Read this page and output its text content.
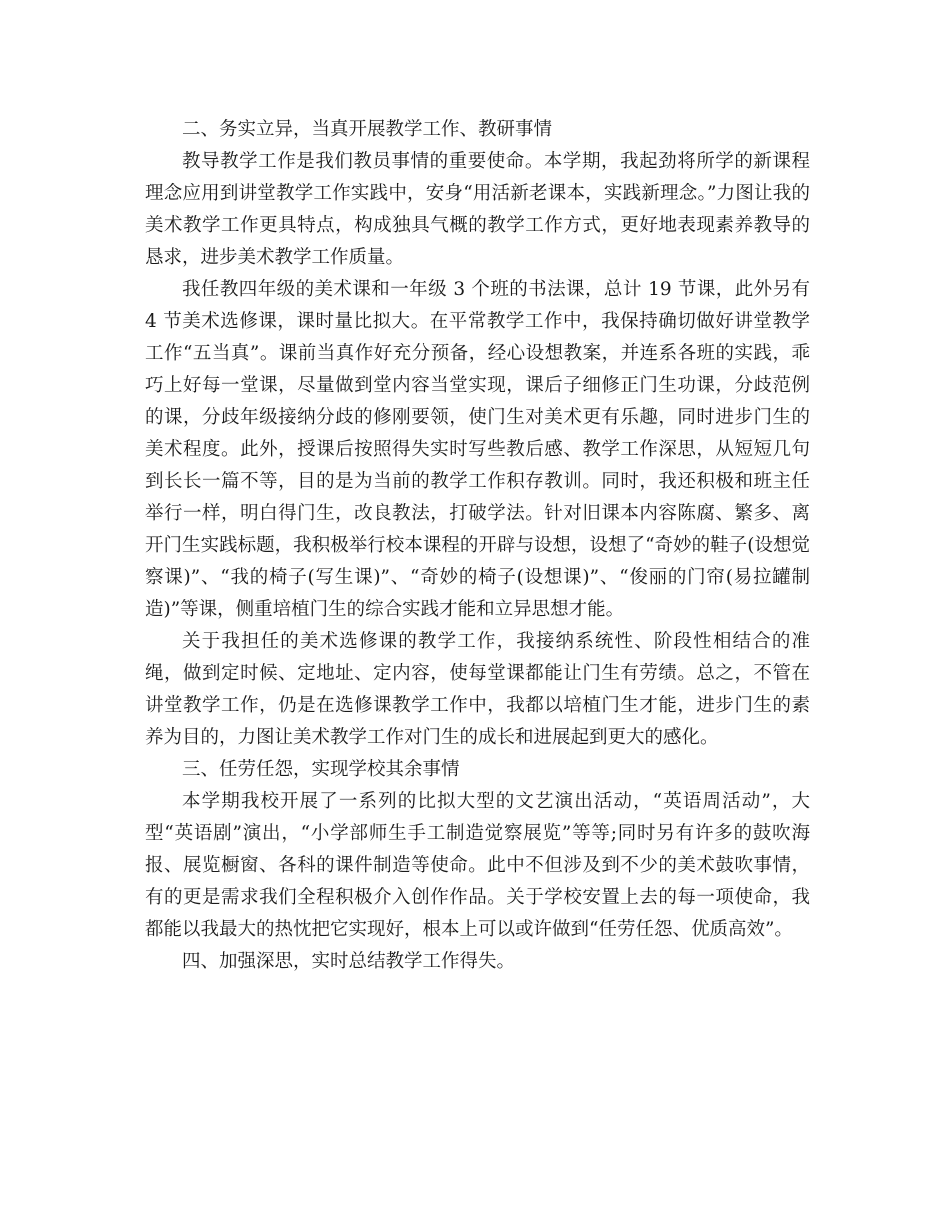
二、务实立异，当真开展教学工作、教研事情

教导教学工作是我们教员事情的重要使命。本学期，我起劲将所学的新课程理念应用到讲堂教学工作实践中，安身“用活新老课本，实践新理念。”力图让我的美术教学工作更具特点，构成独具气概的教学工作方式，更好地表现素养教导的恳求，进步美术教学工作质量。

我任教四年级的美术课和一年级 3 个班的书法课，总计 19 节课，此外另有 4 节美术选修课，课时量比拟大。在平常教学工作中，我保持确切做好讲堂教学工作“五当真”。课前当真作好充分预备，经心设想教案，并连系各班的实践，乖巧上好每一堂课，尽量做到堂内容当堂实现，课后子细修正门生功课，分歧范例的课，分歧年级接纳分歧的修刚要领，使门生对美术更有乐趣，同时进步门生的美术程度。此外，授课后按照得失实时写些教后感、教学工作深思，从短短几句到长长一篇不等，目的是为当前的教学工作积存教训。同时，我还积极和班主任举行一样，明白得门生，改良教法，打破学法。针对旧课本内容陈腐、繁多、离开门生实践标题，我积极举行校本课程的开辟与设想，设想了“奇妙的鞋子(设想觉察课)”、“我的椅子(写生课)”、“奇妙的椅子(设想课)”、“俊丽的门帘(易拉罐制造)”等课，侧重培植门生的综合实践才能和立异思想才能。

关于我担任的美术选修课的教学工作，我接纳系统性、阶段性相结合的准绳，做到定时候、定地址、定内容，使每堂课都能让门生有劳绩。总之，不管在讲堂教学工作，仍是在选修课教学工作中，我都以培植门生才能，进步门生的素养为目的，力图让美术教学工作对门生的成长和进展起到更大的感化。

三、任劳任怨，实现学校其余事情

本学期我校开展了一系列的比拟大型的文艺演出活动，“英语周活动”，大型“英语剧”演出，“小学部师生手工制造觉察展览”等等;同时另有许多的鼓吹海报、展览橱窗、各科的课件制造等使命。此中不但涉及到不少的美术鼓吹事情，有的更是需求我们全程积极介入创作作品。关于学校安置上去的每一项使命，我都能以我最大的热忱把它实现好，根本上可以或许做到“任劳任怨、优质高效”。

四、加强深思，实时总结教学工作得失。
